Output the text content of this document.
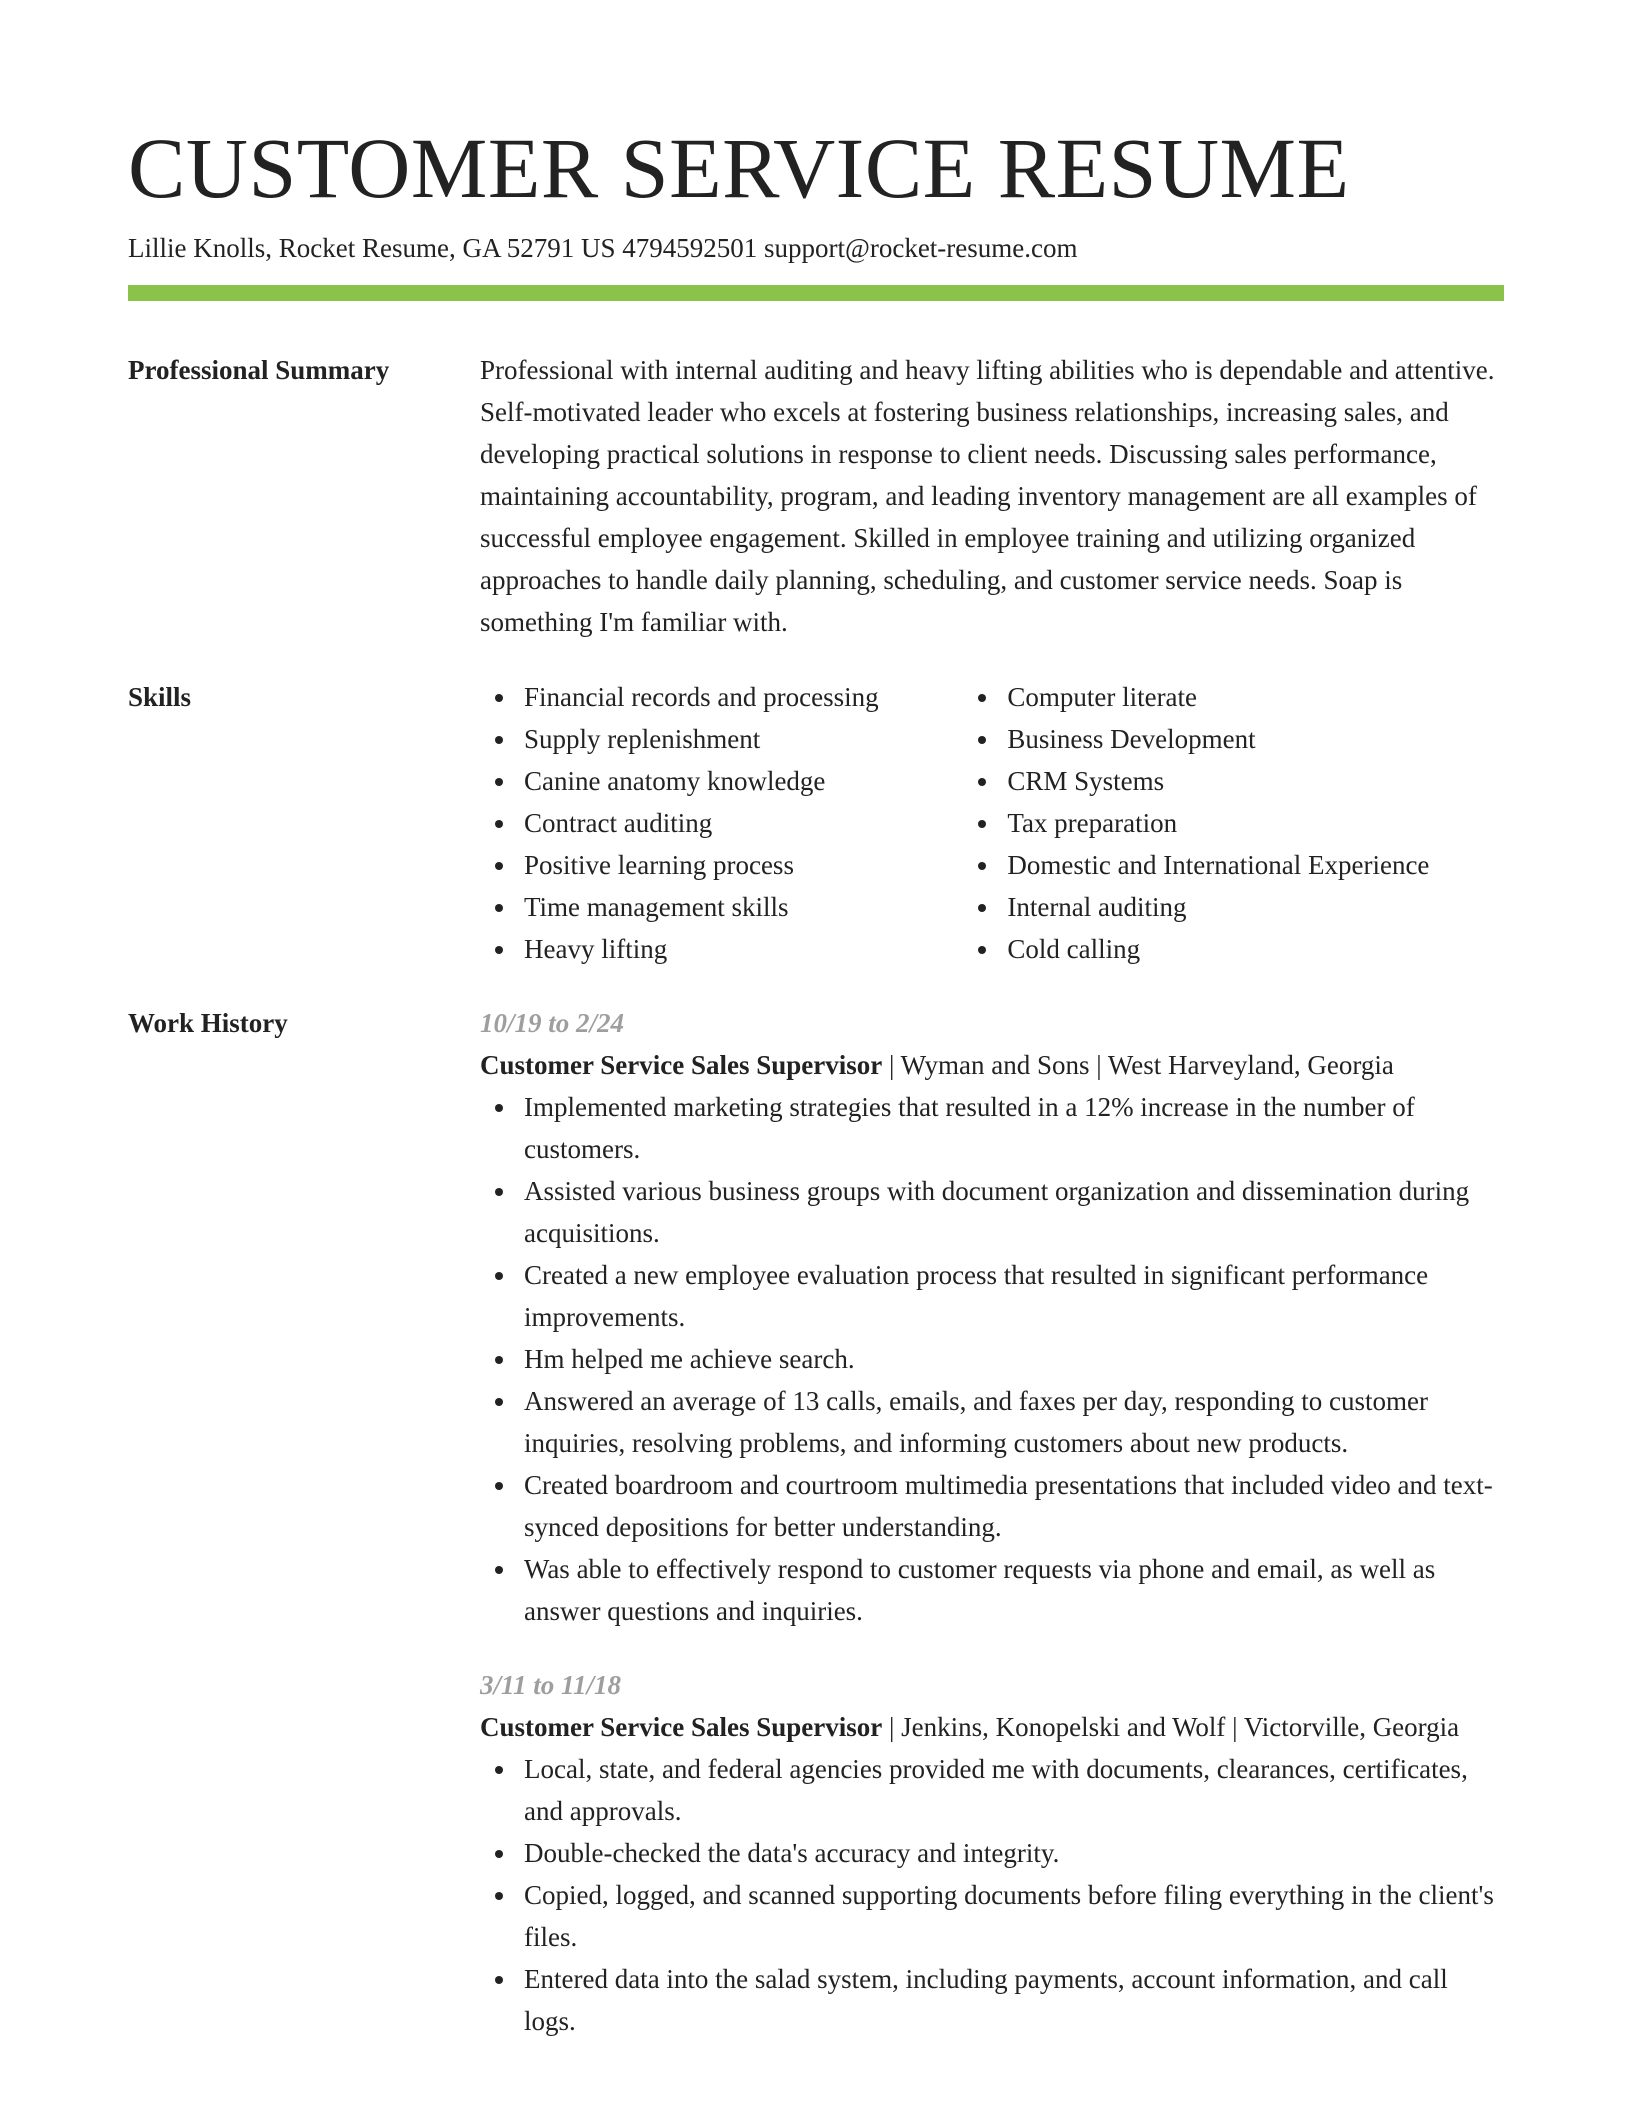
CUSTOMER SERVICE RESUME
Lillie Knolls, Rocket Resume, GA 52791 US 4794592501 support@rocket-resume.com
Professional Summary	Professional with internal auditing and heavy lifting abilities who is dependable and attentive. Self-motivated leader who excels at fostering business relationships, increasing sales, and developing practical solutions in response to client needs. Discussing sales performance, maintaining accountability, program, and leading inventory management are all examples of successful employee engagement. Skilled in employee training and utilizing organized approaches to handle daily planning, scheduling, and customer service needs. Soap is something I'm familiar with.

Skills	Financial records and processing
Supply replenishment
Canine anatomy knowledge
Contract auditing
Positive learning process
Time management skills
Heavy lifting
Computer literate
Business Development
CRM Systems
Tax preparation
Domestic and International Experience
Internal auditing
Cold calling
Work History	10/19 to 2/24
Customer Service Sales Supervisor | Wyman and Sons | West Harveyland, Georgia
Implemented marketing strategies that resulted in a 12% increase in the number of customers.
Assisted various business groups with document organization and dissemination during acquisitions.
Created a new employee evaluation process that resulted in significant performance improvements.
Hm helped me achieve search.
Answered an average of 13 calls, emails, and faxes per day, responding to customer inquiries, resolving problems, and informing customers about new products.
Created boardroom and courtroom multimedia presentations that included video and text-synced depositions for better understanding.
Was able to effectively respond to customer requests via phone and email, as well as answer questions and inquiries.
3/11 to 11/18
Customer Service Sales Supervisor | Jenkins, Konopelski and Wolf | Victorville, Georgia
Local, state, and federal agencies provided me with documents, clearances, certificates, and approvals.
Double-checked the data's accuracy and integrity.
Copied, logged, and scanned supporting documents before filing everything in the client's files.
Entered data into the salad system, including payments, account information, and call logs.
